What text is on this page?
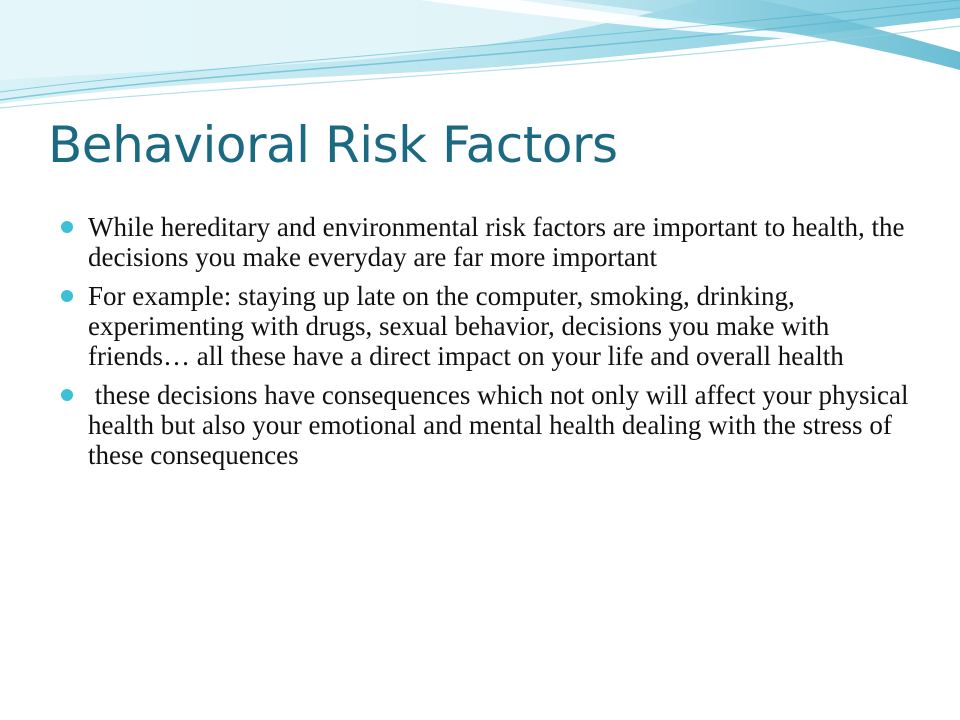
Behavioral Risk Factors
While hereditary and environmental risk factors are important to health, the decisions you make everyday are far more important
For example: staying up late on the computer, smoking, drinking, experimenting with drugs, sexual behavior, decisions you make with friends… all these have a direct impact on your life and overall health
these decisions have consequences which not only will affect your physical health but also your emotional and mental health dealing with the stress of these consequences
